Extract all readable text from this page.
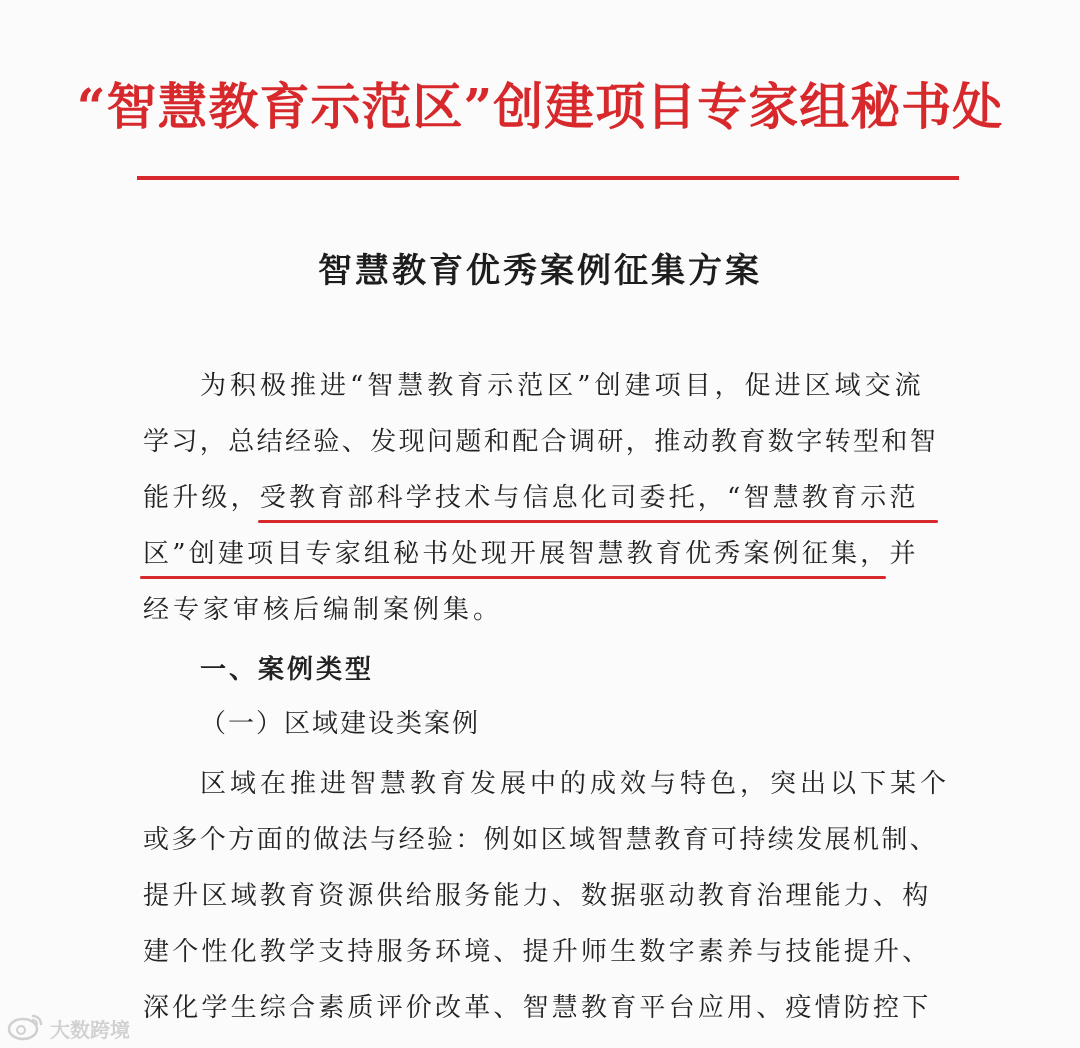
“智慧教育示范区”创建项目专家组秘书处
智慧教育优秀案例征集方案
为积极推进“智慧教育示范区”创建项目，促进区域交流
学习，总结经验、发现问题和配合调研，推动教育数字转型和智
能升级，受教育部科学技术与信息化司委托，“智慧教育示范
区”创建项目专家组秘书处现开展智慧教育优秀案例征集，并
经专家审核后编制案例集。
一、案例类型
（一）区域建设类案例
区域在推进智慧教育发展中的成效与特色，突出以下某个
或多个方面的做法与经验：例如区域智慧教育可持续发展机制、
提升区域教育资源供给服务能力、数据驱动教育治理能力、构
建个性化教学支持服务环境、提升师生数字素养与技能提升、
深化学生综合素质评价改革、智慧教育平台应用、疫情防控下
大数跨境
